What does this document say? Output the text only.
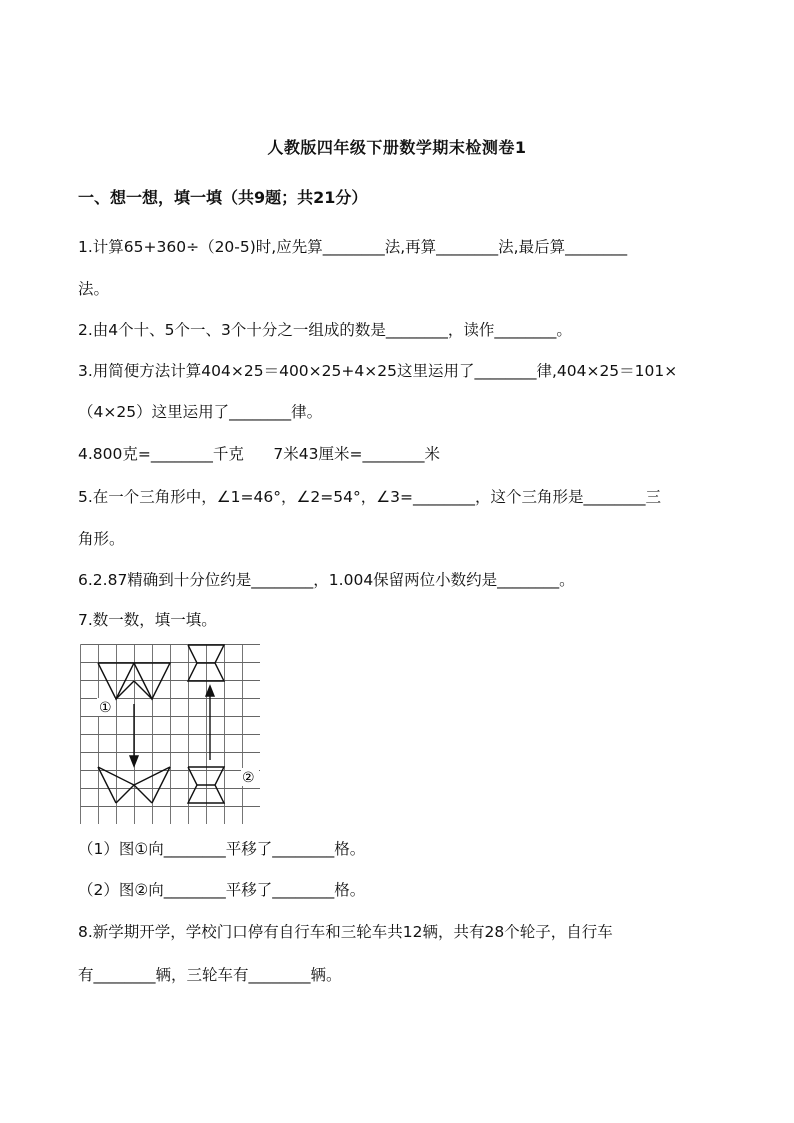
人教版四年级下册数学期末检测卷1
一、想一想，填一填（共9题；共21分）
1.计算65+360÷（20-5)时,应先算________法,再算________法,最后算________
法。
2.由4个十、5个一、3个十分之一组成的数是________，读作________。
3.用简便方法计算404×25＝400×25+4×25这里运用了________律,404×25＝101×
（4×25）这里运用了________律。
4.800克=________千克      7米43厘米=________米
5.在一个三角形中，∠1=46°，∠2=54°，∠3=________，这个三角形是________三
角形。
6.2.87精确到十分位约是________，1.004保留两位小数约是________。
7.数一数，填一填。
①
②
（1）图①向________平移了________格。
（2）图②向________平移了________格。
8.新学期开学，学校门口停有自行车和三轮车共12辆，共有28个轮子，自行车
有________辆，三轮车有________辆。
